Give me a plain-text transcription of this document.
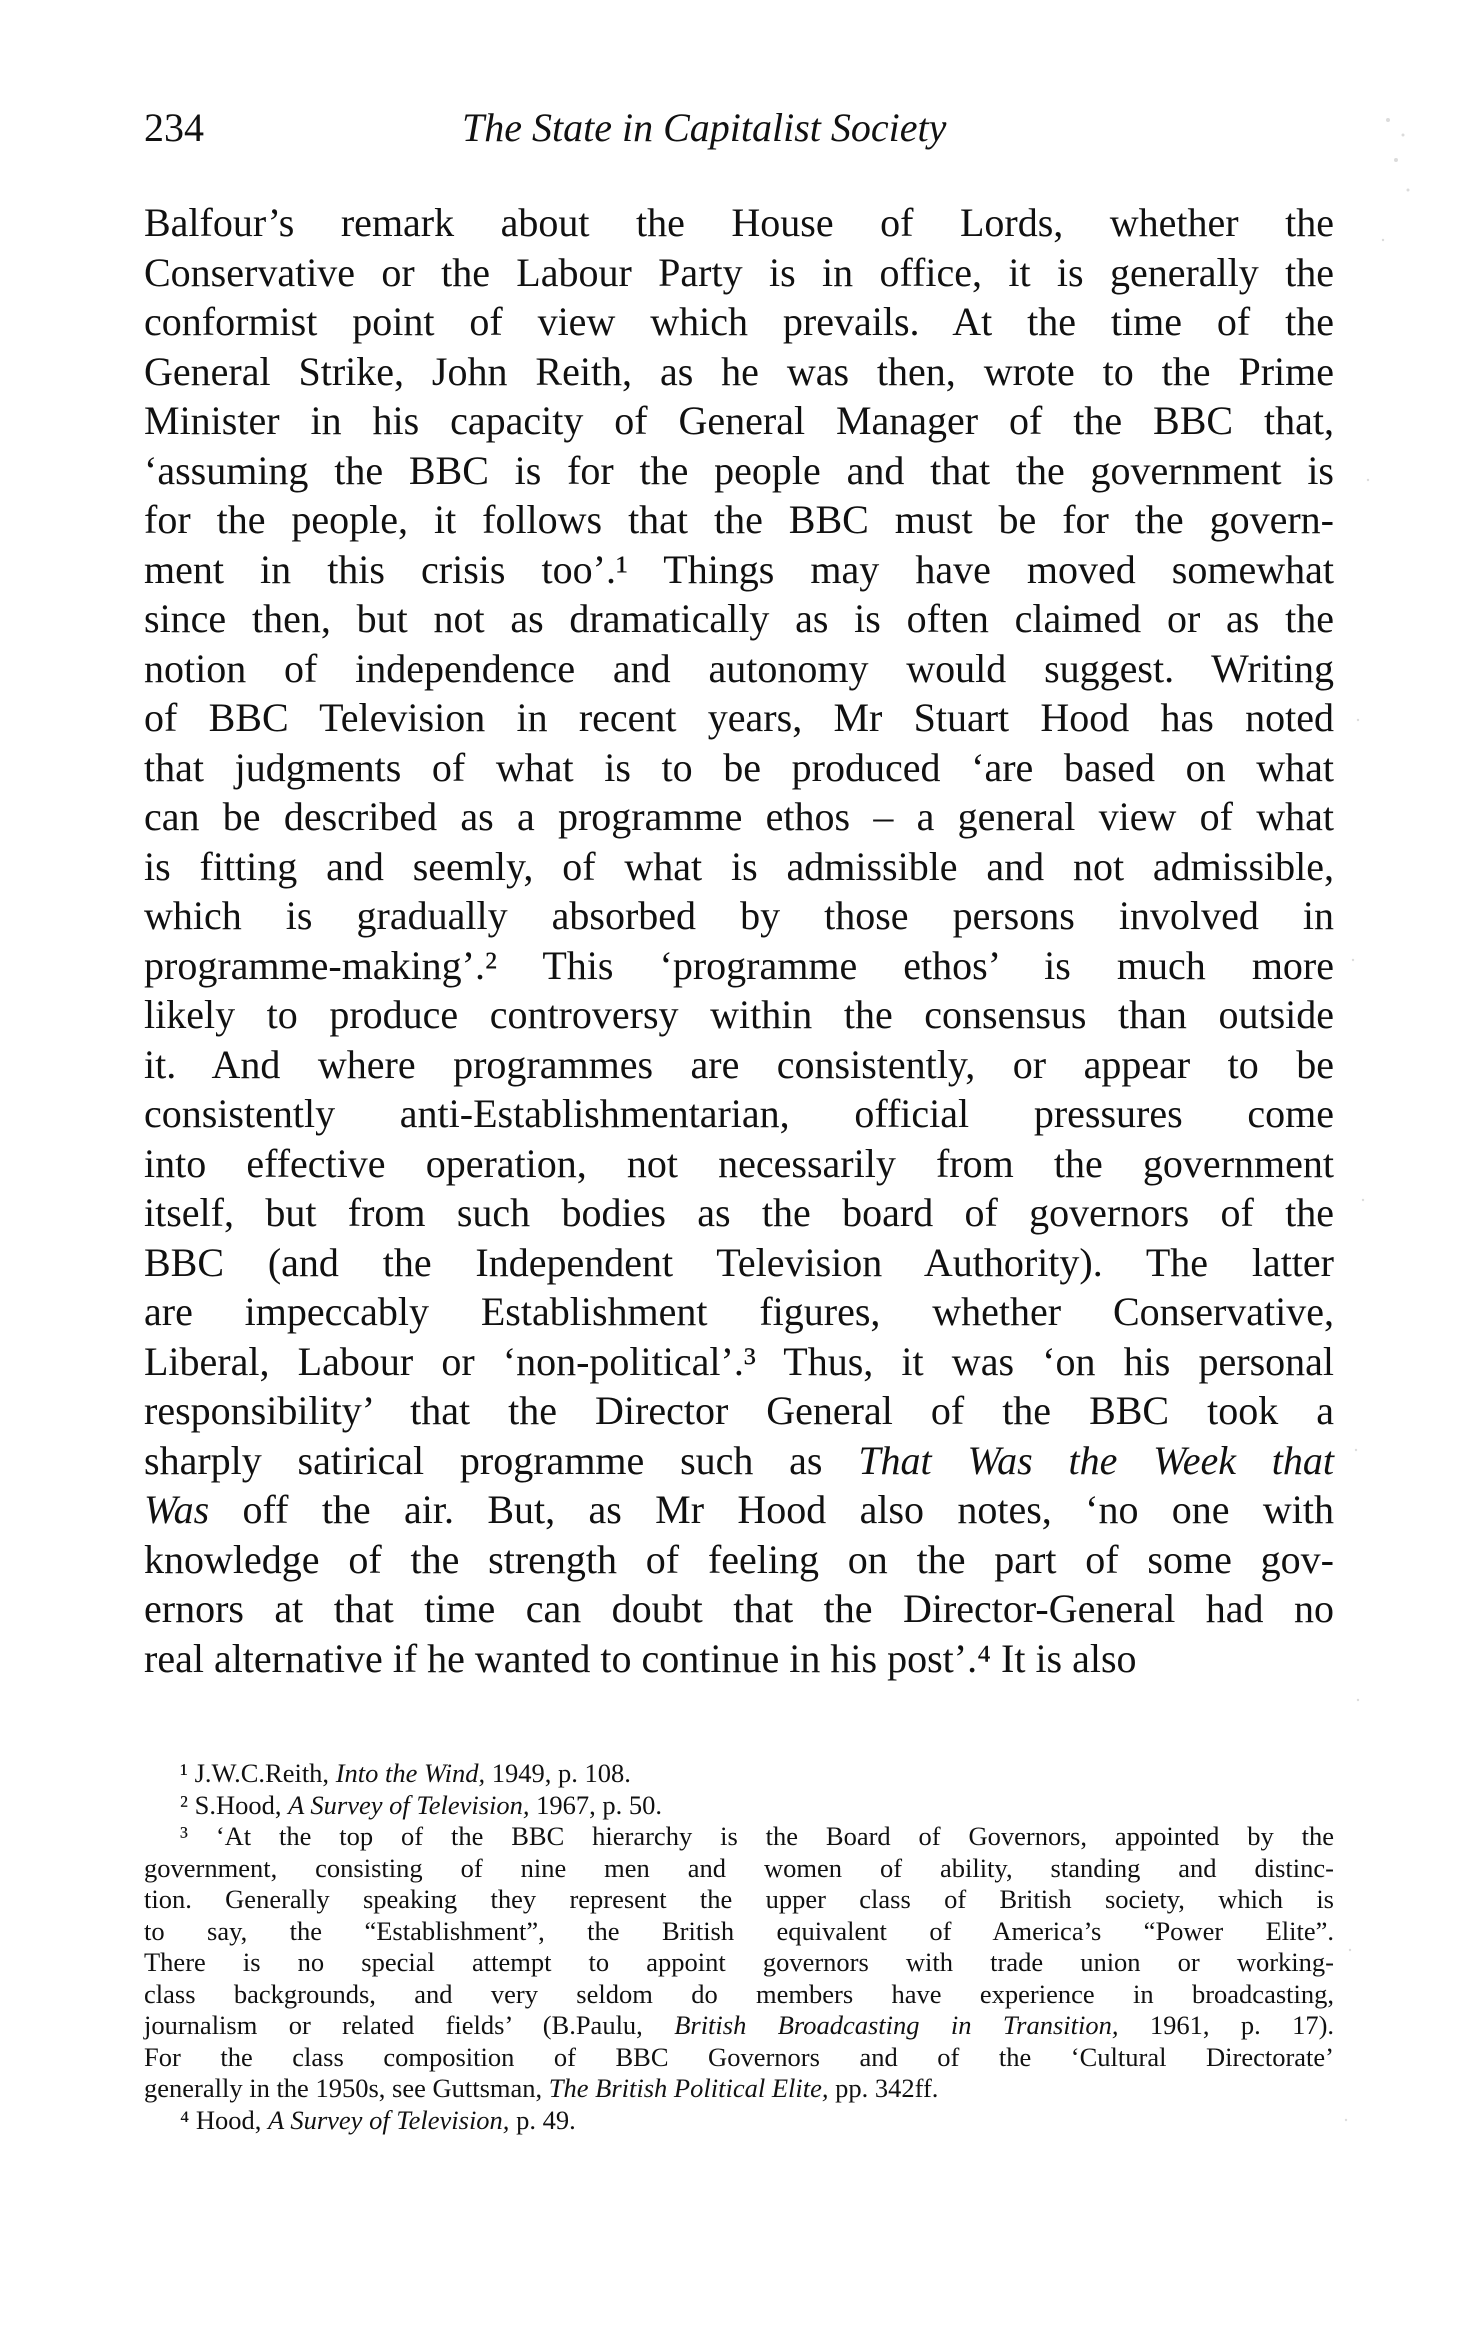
234	The State in Capitalist Society
Balfour’s remark about the House of Lords, whether the
Conservative or the Labour Party is in office, it is generally the
conformist point of view which prevails. At the time of the
General Strike, John Reith, as he was then, wrote to the Prime
Minister in his capacity of General Manager of the BBC that,
‘assuming the BBC is for the people and that the government is
for the people, it follows that the BBC must be for the govern-
ment in this crisis too’.¹ Things may have moved somewhat
since then, but not as dramatically as is often claimed or as the
notion of independence and autonomy would suggest. Writing
of BBC Television in recent years, Mr Stuart Hood has noted
that judgments of what is to be produced ‘are based on what
can be described as a programme ethos – a general view of what
is fitting and seemly, of what is admissible and not admissible,
which is gradually absorbed by those persons involved in
programme-making’.² This ‘programme ethos’ is much more
likely to produce controversy within the consensus than outside
it. And where programmes are consistently, or appear to be
consistently anti-Establishmentarian, official pressures come
into effective operation, not necessarily from the government
itself, but from such bodies as the board of governors of the
BBC (and the Independent Television Authority). The latter
are impeccably Establishment figures, whether Conservative,
Liberal, Labour or ‘non-political’.³ Thus, it was ‘on his personal
responsibility’ that the Director General of the BBC took a
sharply satirical programme such as That Was the Week that
Was off the air. But, as Mr Hood also notes, ‘no one with
knowledge of the strength of feeling on the part of some gov-
ernors at that time can doubt that the Director-General had no
real alternative if he wanted to continue in his post’.⁴ It is also
¹ J.W.C.Reith, Into the Wind, 1949, p. 108.
² S.Hood, A Survey of Television, 1967, p. 50.
³ ‘At the top of the BBC hierarchy is the Board of Governors, appointed by the
government, consisting of nine men and women of ability, standing and distinc-
tion. Generally speaking they represent the upper class of British society, which is
to say, the “Establishment”, the British equivalent of America’s “Power Elite”.
There is no special attempt to appoint governors with trade union or working-
class backgrounds, and very seldom do members have experience in broadcasting,
journalism or related fields’ (B.Paulu, British Broadcasting in Transition, 1961, p. 17).
For the class composition of BBC Governors and of the ‘Cultural Directorate’
generally in the 1950s, see Guttsman, The British Political Elite, pp. 342ff.
⁴ Hood, A Survey of Television, p. 49.
